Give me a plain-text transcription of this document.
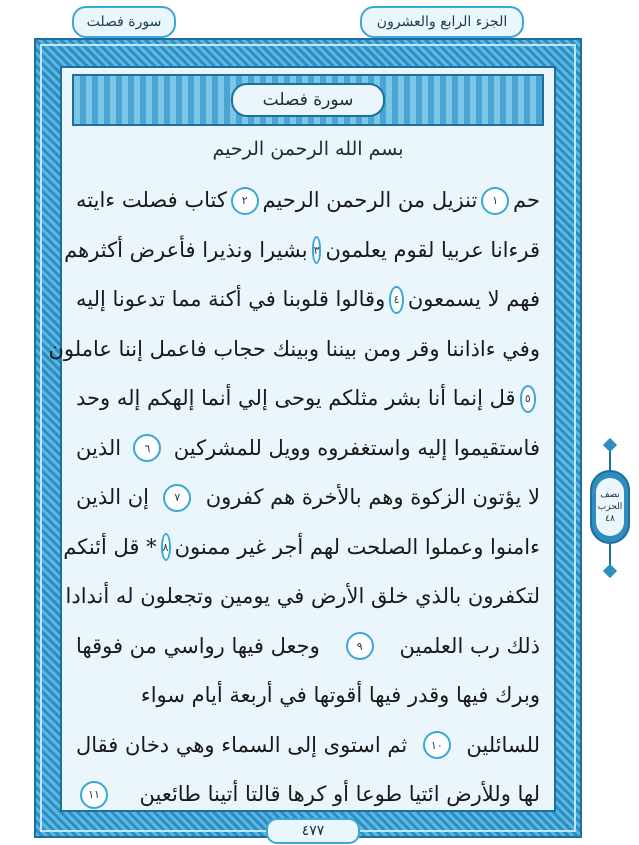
سورة فصلت	الجزء الرابع والعشرون
سورة فصلت
بسم الله الرحمن الرحيم
حم
١
تنزيل من الرحمن الرحيم
٢
كتاب فصلت ءايته
قرءانا عربيا لقوم يعلمون
٣
بشيرا ونذيرا فأعرض أكثرهم
فهم لا يسمعون
٤
وقالوا قلوبنا في أكنة مما تدعونا إليه
وفي ءاذاننا وقر ومن بيننا وبينك حجاب فاعمل إننا عاملون
٥
قل إنما أنا بشر مثلكم يوحى إلي أنما إلهكم إله وحد
فاستقيموا إليه واستغفروه وويل للمشركين
٦
الذين
لا يؤتون الزكوة وهم بالأخرة هم كفرون
٧
إن الذين
ءامنوا وعملوا الصلحت لهم أجر غير ممنون
٨
* قل أئنكم
لتكفرون بالذي خلق الأرض في يومين وتجعلون له أندادا
ذلك رب العلمين
٩
وجعل فيها رواسي من فوقها
وبرك فيها وقدر فيها أقوتها في أربعة أيام سواء
للسائلين
١٠
ثم استوى إلى السماء وهي دخان فقال
لها وللأرض ائتيا طوعا أو كرها قالتا أتينا طائعين
١١
نصف
الحزب
٤٨
٤٧٧
